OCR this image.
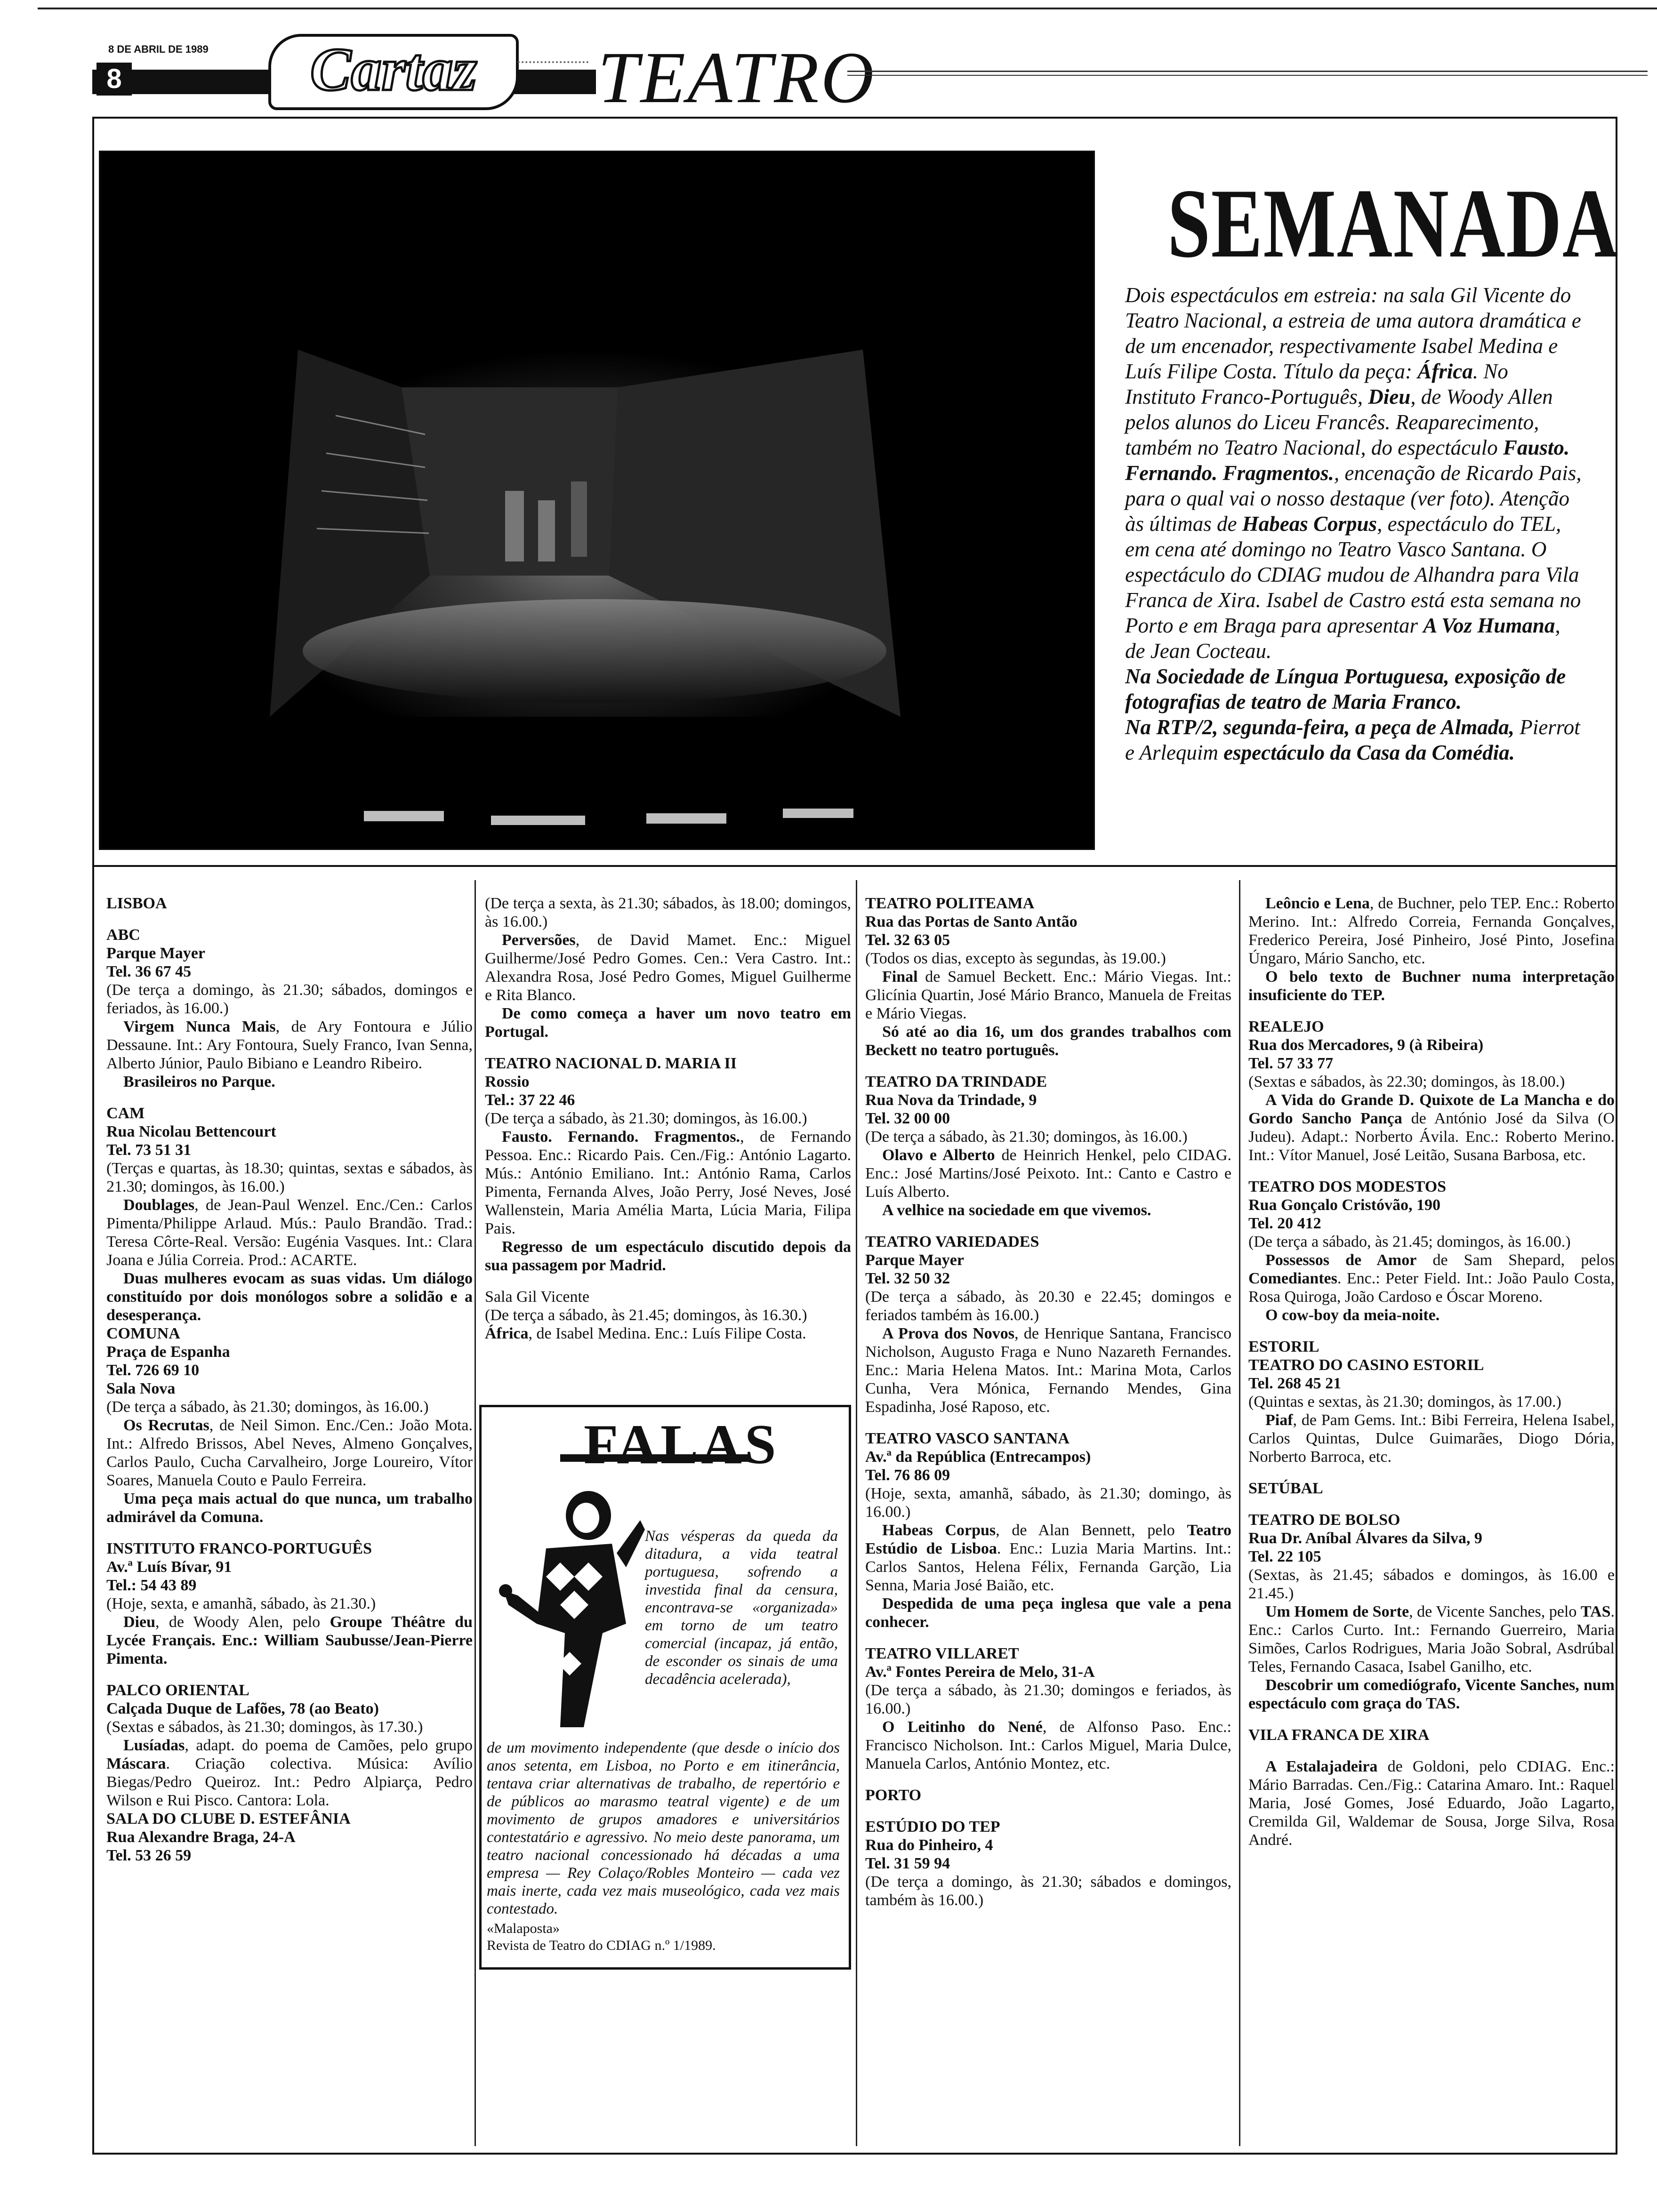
8 DE ABRIL DE 1989
8	Cartaz	TEATRO
SEMANADA
Dois espectáculos em estreia: na sala Gil Vicente do Teatro Nacional, a estreia de uma autora dramática e de um encenador, respectivamente Isabel Medina e Luís Filipe Costa. Título da peça: África. No Instituto Franco-Português, Dieu, de Woody Allen pelos alunos do Liceu Francês. Reaparecimento, também no Teatro Nacional, do espectáculo Fausto. Fernando. Fragmentos., encenação de Ricardo Pais, para o qual vai o nosso destaque (ver foto). Atenção às últimas de Habeas Corpus, espectáculo do TEL, em cena até domingo no Teatro Vasco Santana. O espectáculo do CDIAG mudou de Alhandra para Vila Franca de Xira. Isabel de Castro está esta semana no Porto e em Braga para apresentar A Voz Humana, de Jean Cocteau.
Na Sociedade de Língua Portuguesa, exposição de fotografias de teatro de Maria Franco.
Na RTP/2, segunda-feira, a peça de Almada, Pierrot e Arlequim espectáculo da Casa da Comédia.

LISBOA

ABC

Parque Mayer

Tel. 36 67 45

(De terça a domingo, às 21.30; sábados, domingos e feriados, às 16.00.)

Virgem Nunca Mais, de Ary Fontoura e Júlio Dessaune. Int.: Ary Fontoura, Suely Franco, Ivan Senna, Alberto Júnior, Paulo Bibiano e Leandro Ribeiro.

Brasileiros no Parque.

CAM

Rua Nicolau Bettencourt

Tel. 73 51 31

(Terças e quartas, às 18.30; quintas, sextas e sábados, às 21.30; domingos, às 16.00.)

Doublages, de Jean-Paul Wenzel. Enc./Cen.: Carlos Pimenta/Philippe Arlaud. Mús.: Paulo Brandão. Trad.: Teresa Côrte-Real. Versão: Eugénia Vasques. Int.: Clara Joana e Júlia Correia. Prod.: ACARTE.

Duas mulheres evocam as suas vidas. Um diálogo constituído por dois monólogos sobre a solidão e a desesperança.

COMUNA

Praça de Espanha

Tel. 726 69 10

Sala Nova

(De terça a sábado, às 21.30; domingos, às 16.00.)

Os Recrutas, de Neil Simon. Enc./Cen.: João Mota. Int.: Alfredo Brissos, Abel Neves, Almeno Gonçalves, Carlos Paulo, Cucha Carvalheiro, Jorge Loureiro, Vítor Soares, Manuela Couto e Paulo Ferreira.

Uma peça mais actual do que nunca, um trabalho admirável da Comuna.

INSTITUTO FRANCO-PORTUGUÊS

Av.ª Luís Bívar, 91

Tel.: 54 43 89

(Hoje, sexta, e amanhã, sábado, às 21.30.)

Dieu, de Woody Alen, pelo Groupe Théâtre du Lycée Français. Enc.: William Saubusse/Jean-Pierre Pimenta.

PALCO ORIENTAL

Calçada Duque de Lafões, 78 (ao Beato)

(Sextas e sábados, às 21.30; domingos, às 17.30.)

Lusíadas, adapt. do poema de Camões, pelo grupo Máscara. Criação colectiva. Música: Avílio Biegas/Pedro Queiroz. Int.: Pedro Alpiarça, Pedro Wilson e Rui Pisco. Cantora: Lola.

SALA DO CLUBE D. ESTEFÂNIA

Rua Alexandre Braga, 24-A

Tel. 53 26 59

(De terça a sexta, às 21.30; sábados, às 18.00; domingos, às 16.00.)

Perversões, de David Mamet. Enc.: Miguel Guilherme/José Pedro Gomes. Cen.: Vera Castro. Int.: Alexandra Rosa, José Pedro Gomes, Miguel Guilherme e Rita Blanco.

De como começa a haver um novo teatro em Portugal.

TEATRO NACIONAL D. MARIA II

Rossio

Tel.: 37 22 46

(De terça a sábado, às 21.30; domingos, às 16.00.)

Fausto. Fernando. Fragmentos., de Fernando Pessoa. Enc.: Ricardo Pais. Cen./Fig.: António Lagarto. Mús.: António Emiliano. Int.: António Rama, Carlos Pimenta, Fernanda Alves, João Perry, José Neves, José Wallenstein, Maria Amélia Marta, Lúcia Maria, Filipa Pais.

Regresso de um espectáculo discutido depois da sua passagem por Madrid.

Sala Gil Vicente

(De terça a sábado, às 21.45; domingos, às 16.30.)

África, de Isabel Medina. Enc.: Luís Filipe Costa.

FALAS
Nas vésperas da queda da ditadura, a vida teatral portuguesa, sofrendo a investida final da censura, encontrava-se «organizada» em torno de um teatro comercial (incapaz, já então, de esconder os sinais de uma decadência acelerada),
de um movimento independente (que desde o início dos anos setenta, em Lisboa, no Porto e em itinerância, tentava criar alternativas de trabalho, de repertório e de públicos ao marasmo teatral vigente) e de um movimento de grupos amadores e universitários contestatário e agressivo. No meio deste panorama, um teatro nacional concessionado há décadas a uma empresa — Rey Colaço/Robles Monteiro — cada vez mais inerte, cada vez mais museológico, cada vez mais contestado.
«Malaposta»
Revista de Teatro do CDIAG n.º 1/1989.

TEATRO POLITEAMA

Rua das Portas de Santo Antão

Tel. 32 63 05

(Todos os dias, excepto às segundas, às 19.00.)

Final de Samuel Beckett. Enc.: Mário Viegas. Int.: Glicínia Quartin, José Mário Branco, Manuela de Freitas e Mário Viegas.

Só até ao dia 16, um dos grandes trabalhos com Beckett no teatro português.

TEATRO DA TRINDADE

Rua Nova da Trindade, 9

Tel. 32 00 00

(De terça a sábado, às 21.30; domingos, às 16.00.)

Olavo e Alberto de Heinrich Henkel, pelo CIDAG. Enc.: José Martins/José Peixoto. Int.: Canto e Castro e Luís Alberto.

A velhice na sociedade em que vivemos.

TEATRO VARIEDADES

Parque Mayer

Tel. 32 50 32

(De terça a sábado, às 20.30 e 22.45; domingos e feriados também às 16.00.)

A Prova dos Novos, de Henrique Santana, Francisco Nicholson, Augusto Fraga e Nuno Nazareth Fernandes. Enc.: Maria Helena Matos. Int.: Marina Mota, Carlos Cunha, Vera Mónica, Fernando Mendes, Gina Espadinha, José Raposo, etc.

TEATRO VASCO SANTANA

Av.ª da República (Entrecampos)

Tel. 76 86 09

(Hoje, sexta, amanhã, sábado, às 21.30; domingo, às 16.00.)

Habeas Corpus, de Alan Bennett, pelo Teatro Estúdio de Lisboa. Enc.: Luzia Maria Martins. Int.: Carlos Santos, Helena Félix, Fernanda Garção, Lia Senna, Maria José Baião, etc.

Despedida de uma peça inglesa que vale a pena conhecer.

TEATRO VILLARET

Av.ª Fontes Pereira de Melo, 31-A

(De terça a sábado, às 21.30; domingos e feriados, às 16.00.)

O Leitinho do Nené, de Alfonso Paso. Enc.: Francisco Nicholson. Int.: Carlos Miguel, Maria Dulce, Manuela Carlos, António Montez, etc.

PORTO

ESTÚDIO DO TEP

Rua do Pinheiro, 4

Tel. 31 59 94

(De terça a domingo, às 21.30; sábados e domingos, também às 16.00.)

Leôncio e Lena, de Buchner, pelo TEP. Enc.: Roberto Merino. Int.: Alfredo Correia, Fernanda Gonçalves, Frederico Pereira, José Pinheiro, José Pinto, Josefina Úngaro, Mário Sancho, etc.

O belo texto de Buchner numa interpretação insuficiente do TEP.

REALEJO

Rua dos Mercadores, 9 (à Ribeira)

Tel. 57 33 77

(Sextas e sábados, às 22.30; domingos, às 18.00.)

A Vida do Grande D. Quixote de La Mancha e do Gordo Sancho Pança de António José da Silva (O Judeu). Adapt.: Norberto Ávila. Enc.: Roberto Merino. Int.: Vítor Manuel, José Leitão, Susana Barbosa, etc.

TEATRO DOS MODESTOS

Rua Gonçalo Cristóvão, 190

Tel. 20 412

(De terça a sábado, às 21.45; domingos, às 16.00.)

Possessos de Amor de Sam Shepard, pelos Comediantes. Enc.: Peter Field. Int.: João Paulo Costa, Rosa Quiroga, João Cardoso e Óscar Moreno.

O cow-boy da meia-noite.

ESTORIL

TEATRO DO CASINO ESTORIL

Tel. 268 45 21

(Quintas e sextas, às 21.30; domingos, às 17.00.)

Piaf, de Pam Gems. Int.: Bibi Ferreira, Helena Isabel, Carlos Quintas, Dulce Guimarães, Diogo Dória, Norberto Barroca, etc.

SETÚBAL

TEATRO DE BOLSO

Rua Dr. Aníbal Álvares da Silva, 9

Tel. 22 105

(Sextas, às 21.45; sábados e domingos, às 16.00 e 21.45.)

Um Homem de Sorte, de Vicente Sanches, pelo TAS. Enc.: Carlos Curto. Int.: Fernando Guerreiro, Maria Simões, Carlos Rodrigues, Maria João Sobral, Asdrúbal Teles, Fernando Casaca, Isabel Ganilho, etc.

Descobrir um comediógrafo, Vicente Sanches, num espectáculo com graça do TAS.

VILA FRANCA DE XIRA

A Estalajadeira de Goldoni, pelo CDIAG. Enc.: Mário Barradas. Cen./Fig.: Catarina Amaro. Int.: Raquel Maria, José Gomes, José Eduardo, João Lagarto, Cremilda Gil, Waldemar de Sousa, Jorge Silva, Rosa André.
